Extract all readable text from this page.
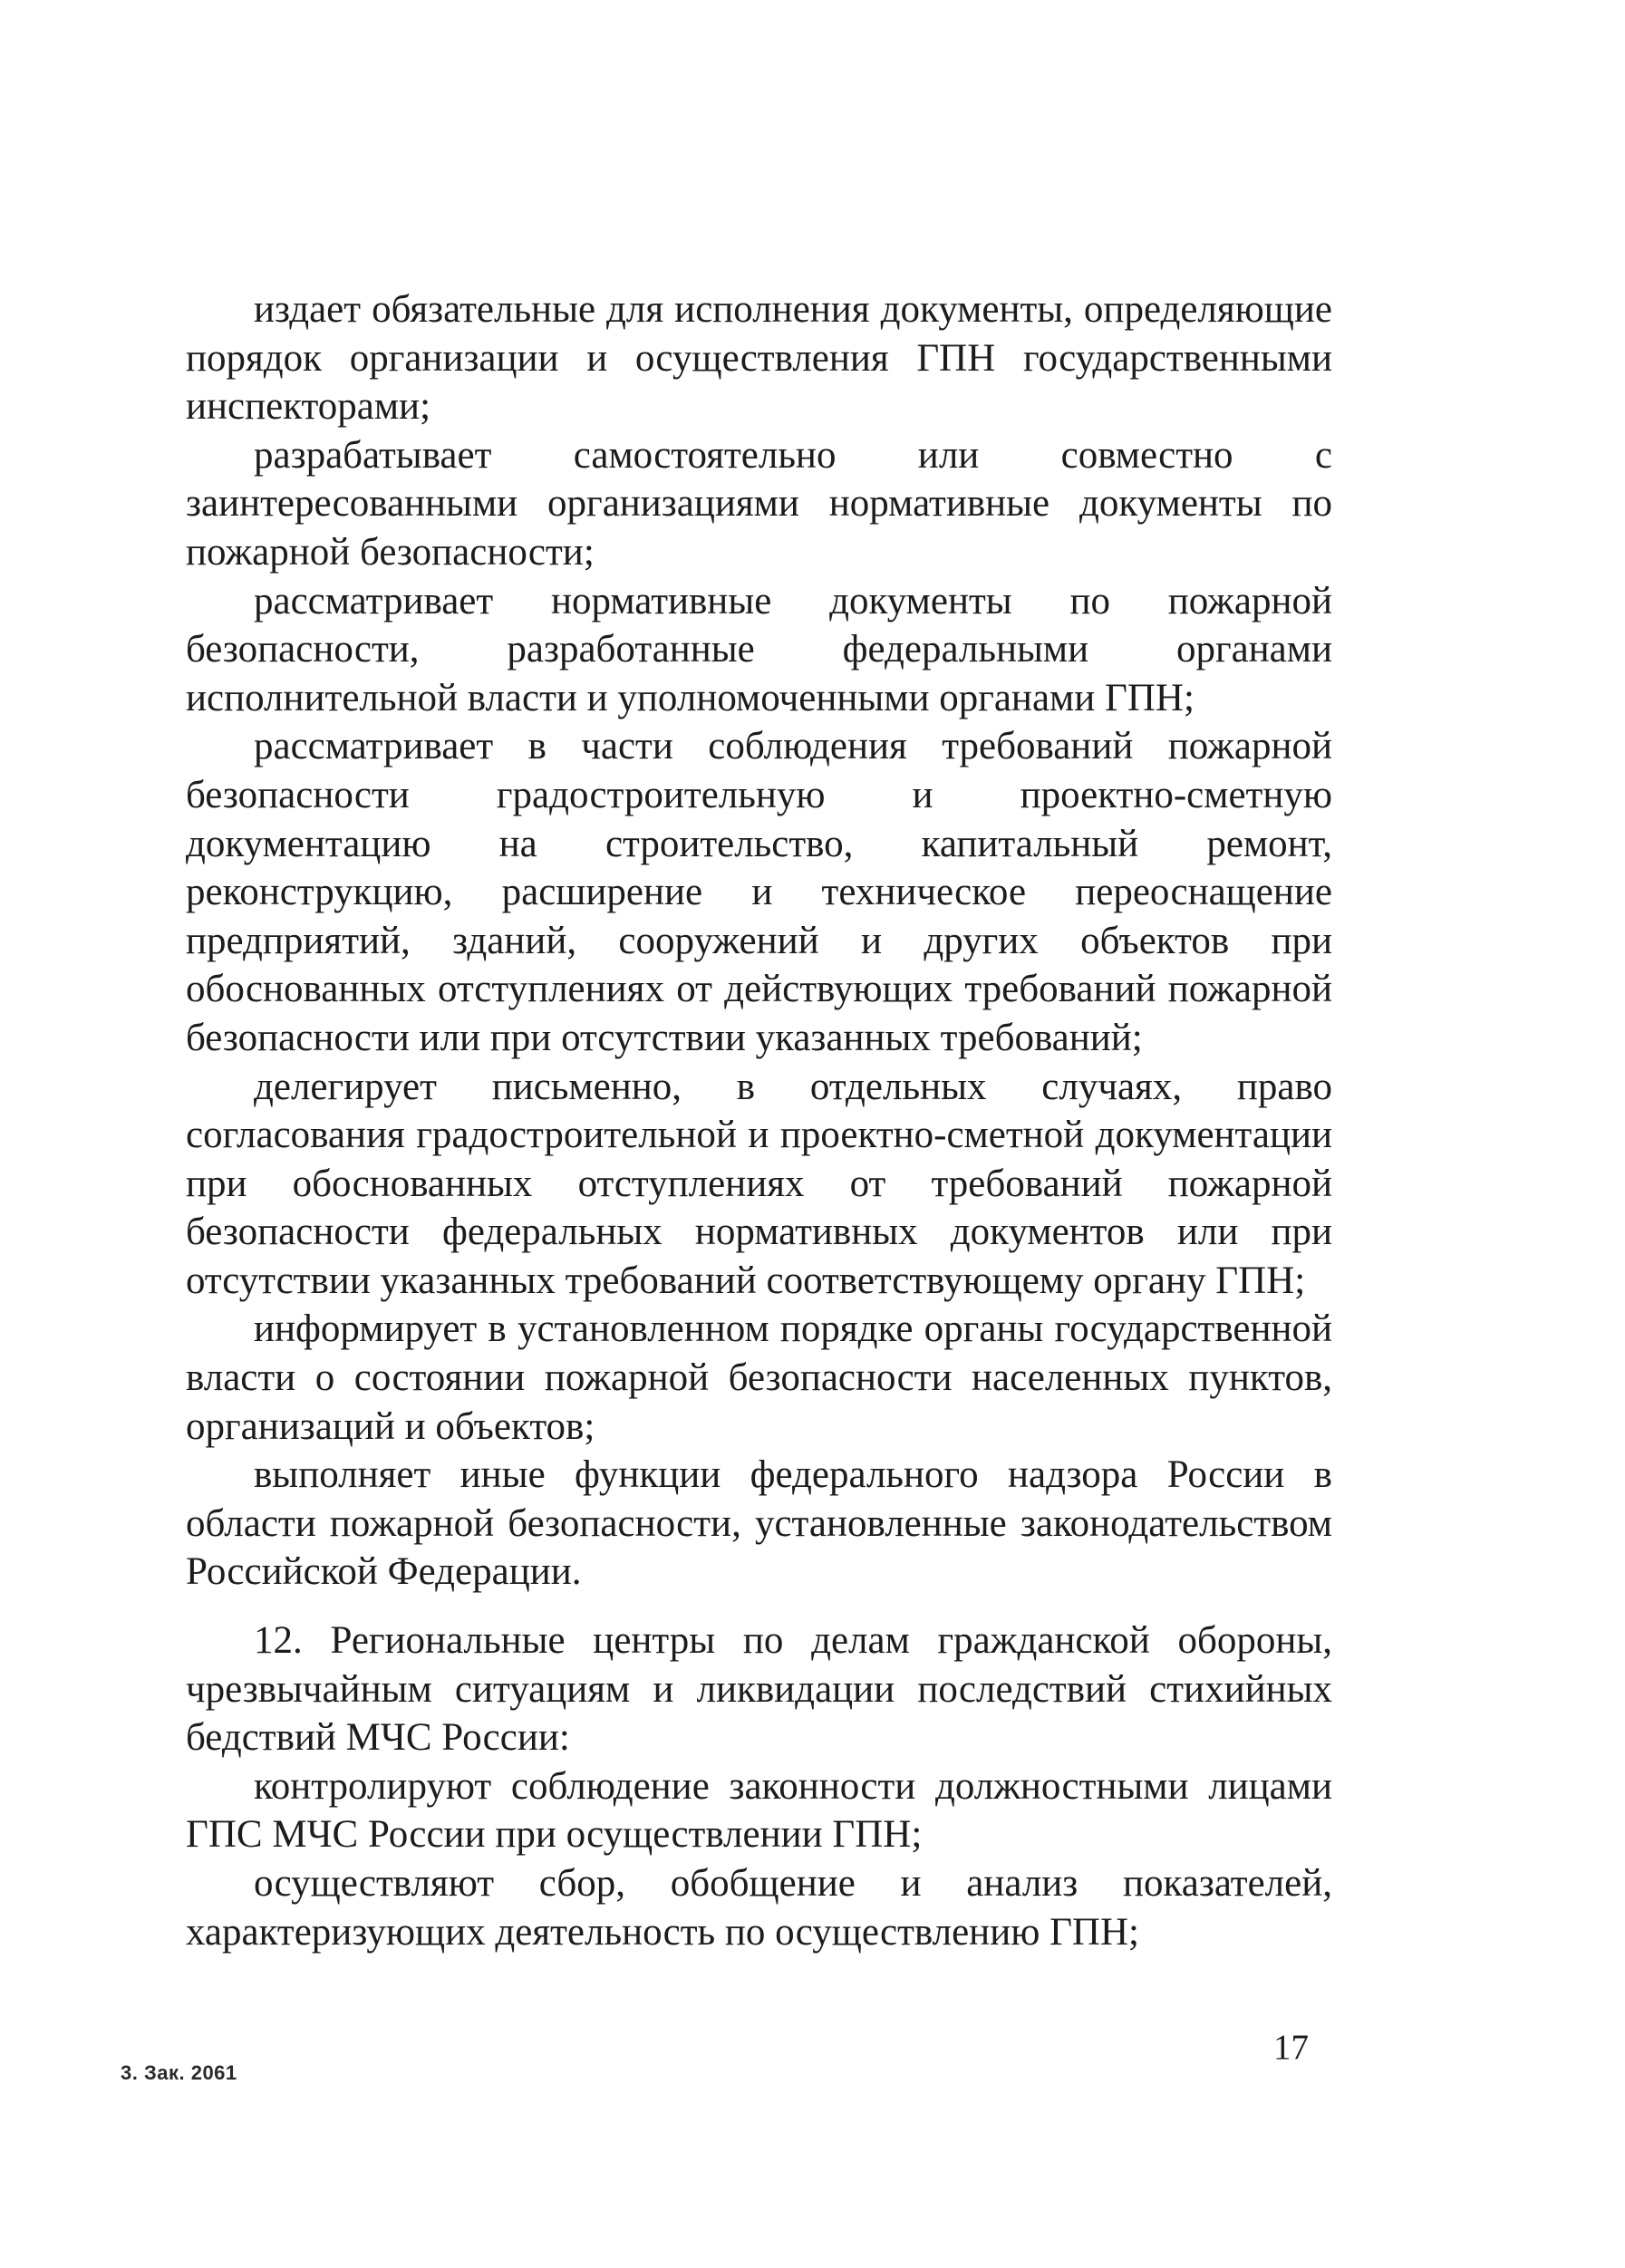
издает обязательные для исполнения документы, определяющие порядок организации и осуществления ГПН государственными инспекторами;

разрабатывает самостоятельно или совместно с заинтересованными организациями нормативные документы по пожарной безопасности;

рассматривает нормативные документы по пожарной безопасности, разработанные федеральными органами исполнительной власти и уполномоченными органами ГПН;

рассматривает в части соблюдения требований пожарной безопасности градостроительную и проектно-сметную документацию на строительство, капитальный ремонт, реконструкцию, расширение и техническое переоснащение предприятий, зданий, сооружений и других объектов при обоснованных отступлениях от действующих требований пожарной безопасности или при отсутствии указанных требований;

делегирует письменно, в отдельных случаях, право согласования градостроительной и проектно-сметной документации при обоснованных отступлениях от требований пожарной безопасности федеральных нормативных документов или при отсутствии указанных требований соответствующему органу ГПН;

информирует в установленном порядке органы государственной власти о состоянии пожарной безопасности населенных пунктов, организаций и объектов;

выполняет иные функции федерального надзора России в области пожарной безопасности, установленные законодательством Российской Федерации.

12. Региональные центры по делам гражданской обороны, чрезвычайным ситуациям и ликвидации последствий стихийных бедствий МЧС России:

контролируют соблюдение законности должностными лицами ГПС МЧС России при осуществлении ГПН;

осуществляют сбор, обобщение и анализ показателей, характеризующих деятельность по осуществлению ГПН;

3. Зак. 2061
17
